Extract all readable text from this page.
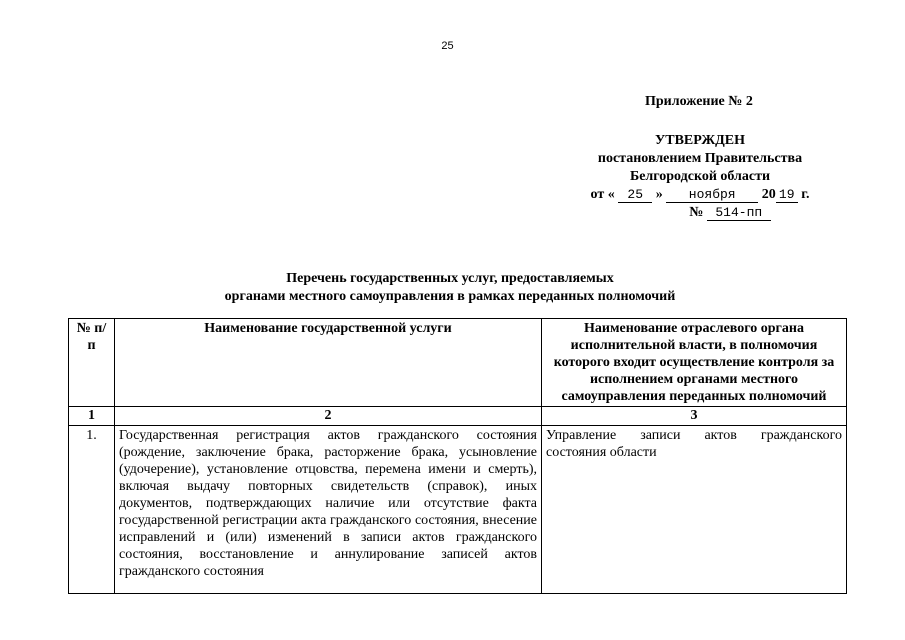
25
Приложение № 2
УТВЕРЖДЕН
постановлением Правительства
Белгородской области
от « 25 » ноября 20 19 г.
№ 514-пп
Перечень государственных услуг, предоставляемых
органами местного самоуправления в рамках переданных полномочий
№ п/п	Наименование государственной услуги	Наименование отраслевого органа исполнительной власти, в полномочия которого входит осуществление контроля за исполнением органами местного самоуправления переданных полномочий
1	2	3
1.	Государственная регистрация актов гражданского состояния (рождение, заключение брака, расторжение брака, усыновление (удочерение), установление отцовства, перемена имени и смерть), включая выдачу повторных свидетельств (справок), иных документов, подтверждающих наличие или отсутствие факта государственной регистрации акта гражданского состояния, внесение исправлений и (или) изменений в записи актов гражданского состояния, восстановление и аннулирование записей актов гражданского состояния	Управление записи актов гражданского состояния области
